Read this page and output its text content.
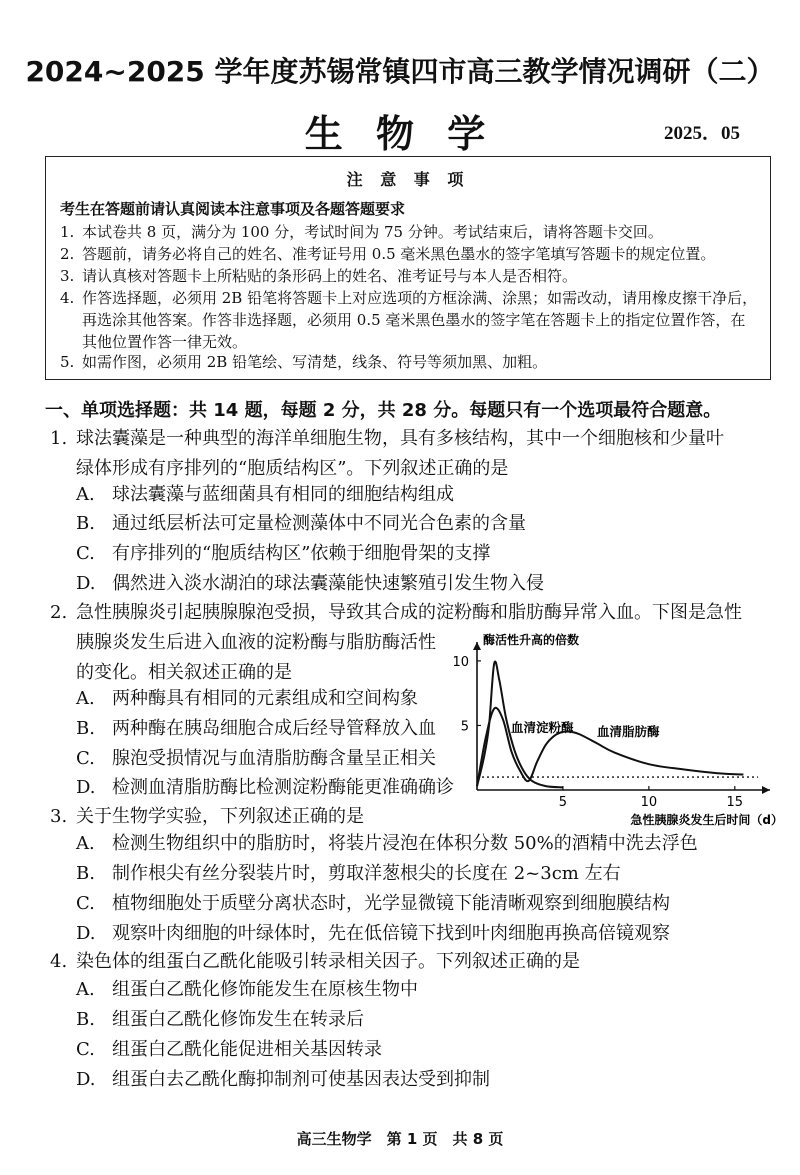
2024~2025 学年度苏锡常镇四市高三教学情况调研（二）
生 物 学	2025．05
注 意 事 项
考生在答题前请认真阅读本注意事项及各题答题要求
1. 本试卷共 8 页，满分为 100 分，考试时间为 75 分钟。考试结束后，请将答题卡交回。
2. 答题前，请务必将自己的姓名、准考证号用 0.5 毫米黑色墨水的签字笔填写答题卡的规定位置。
3. 请认真核对答题卡上所粘贴的条形码上的姓名、准考证号与本人是否相符。
4. 作答选择题，必须用 2B 铅笔将答题卡上对应选项的方框涂满、涂黑；如需改动，请用橡皮擦干净后，再选涂其他答案。作答非选择题，必须用 0.5 毫米黑色墨水的签字笔在答题卡上的指定位置作答，在其他位置作答一律无效。
5. 如需作图，必须用 2B 铅笔绘、写清楚，线条、符号等须加黑、加粗。
一、单项选择题：共 14 题，每题 2 分，共 28 分。每题只有一个选项最符合题意。
1. 球法囊藻是一种典型的海洋单细胞生物，具有多核结构，其中一个细胞核和少量叶
绿体形成有序排列的“胞质结构区”。下列叙述正确的是
A. 球法囊藻与蓝细菌具有相同的细胞结构组成
B. 通过纸层析法可定量检测藻体中不同光合色素的含量
C. 有序排列的“胞质结构区”依赖于细胞骨架的支撑
D. 偶然进入淡水湖泊的球法囊藻能快速繁殖引发生物入侵
2. 急性胰腺炎引起胰腺腺泡受损，导致其合成的淀粉酶和脂肪酶异常入血。下图是急性
胰腺炎发生后进入血液的淀粉酶与脂肪酶活性
的变化。相关叙述正确的是
A. 两种酶具有相同的元素组成和空间构象
B. 两种酶在胰岛细胞合成后经导管释放入血
C. 腺泡受损情况与血清脂肪酶含量呈正相关
D. 检测血清脂肪酶比检测淀粉酶能更准确确诊
5	10	15
5
10
酶活性升高的倍数
急性胰腺炎发生后时间（d）
血清淀粉酶 血清脂肪酶
3. 关于生物学实验，下列叙述正确的是
A. 检测生物组织中的脂肪时，将装片浸泡在体积分数 50%的酒精中洗去浮色
B. 制作根尖有丝分裂装片时，剪取洋葱根尖的长度在 2~3cm 左右
C. 植物细胞处于质壁分离状态时，光学显微镜下能清晰观察到细胞膜结构
D. 观察叶肉细胞的叶绿体时，先在低倍镜下找到叶肉细胞再换高倍镜观察
4. 染色体的组蛋白乙酰化能吸引转录相关因子。下列叙述正确的是
A. 组蛋白乙酰化修饰能发生在原核生物中
B. 组蛋白乙酰化修饰发生在转录后
C. 组蛋白乙酰化能促进相关基因转录
D. 组蛋白去乙酰化酶抑制剂可使基因表达受到抑制
高三生物学　第 1 页　共 8 页
